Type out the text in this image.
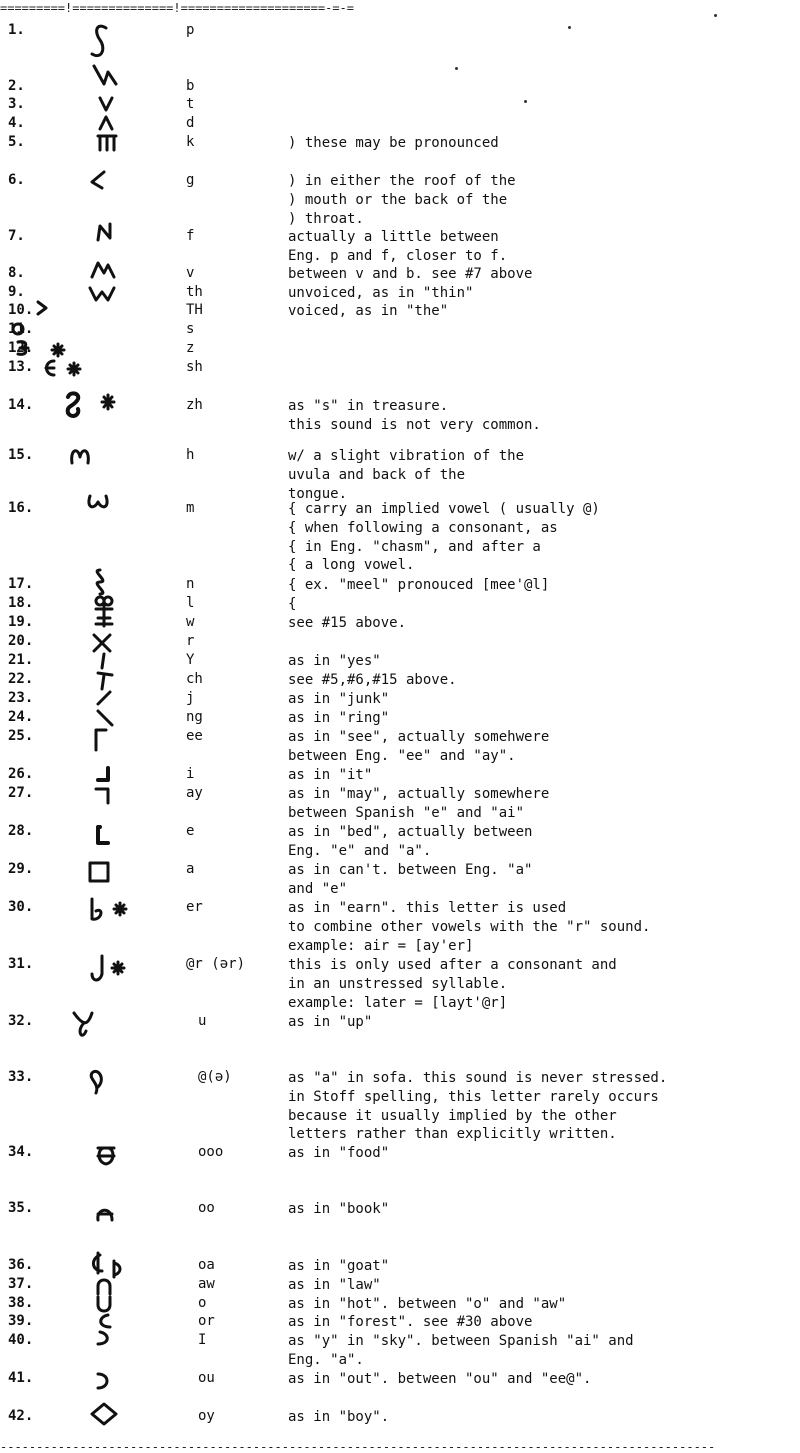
=========!==============!====================-=-=
1.	p
2.	b
3.	t
4.	d
5.	k	) these may be pronounced
6.	g	) in either the roof of the
) mouth or the back of the
) throat.
7.	f	actually a little between
Eng. p and f, closer to f.
8.	v	between v and b. see #7 above
9.	th	unvoiced, as in "thin"
10.	TH	voiced, as in "the"
11.	s
12.	z
13.	sh
14.	zh	as "s" in treasure.
this sound is not very common.
15.	h	w/ a slight vibration of the
uvula and back of the
tongue.
16.	m	{ carry an implied vowel ( usually @)
{ when following a consonant, as
{ in Eng. "chasm", and after a
{ a long vowel.
17.	n	{ ex. "meel" pronouced [mee'@l]
18.	l	{
19.	w	see #15 above.
20.	r
21.	Y	as in "yes"
22.	ch	see #5,#6,#15 above.
23.	j	as in "junk"
24.	ng	as in "ring"
25.	ee	as in "see", actually somehwere
between Eng. "ee" and "ay".
26.	i	as in "it"
27.	ay	as in "may", actually somewhere
between Spanish "e" and "ai"
28.	e	as in "bed", actually between
Eng. "e" and "a".
29.	a	as in can't. between Eng. "a"
and "e"
30.	er	as in "earn". this letter is used
to combine other vowels with the "r" sound.
example: air = [ay'er]
31.	@r (ər)	this is only used after a consonant and
in an unstressed syllable.
example: later = [layt'@r]
32.	u	as in "up"
33.	@(ə)	as "a" in sofa. this sound is never stressed.
in Stoff spelling, this letter rarely occurs
because it usually implied by the other
letters rather than explicitly written.
34.	ooo	as in "food"
35.	oo	as in "book"
36.	oa	as in "goat"
37.	aw	as in "law"
38.	o	as in "hot". between "o" and "aw"
39.	or	as in "forest". see #30 above
40.	I	as "y" in "sky". between Spanish "ai" and
Eng. "a".
41.	ou	as in "out". between "ou" and "ee@".
42.	oy	as in "boy".
---------------------------------------------------------------------------------------------------
